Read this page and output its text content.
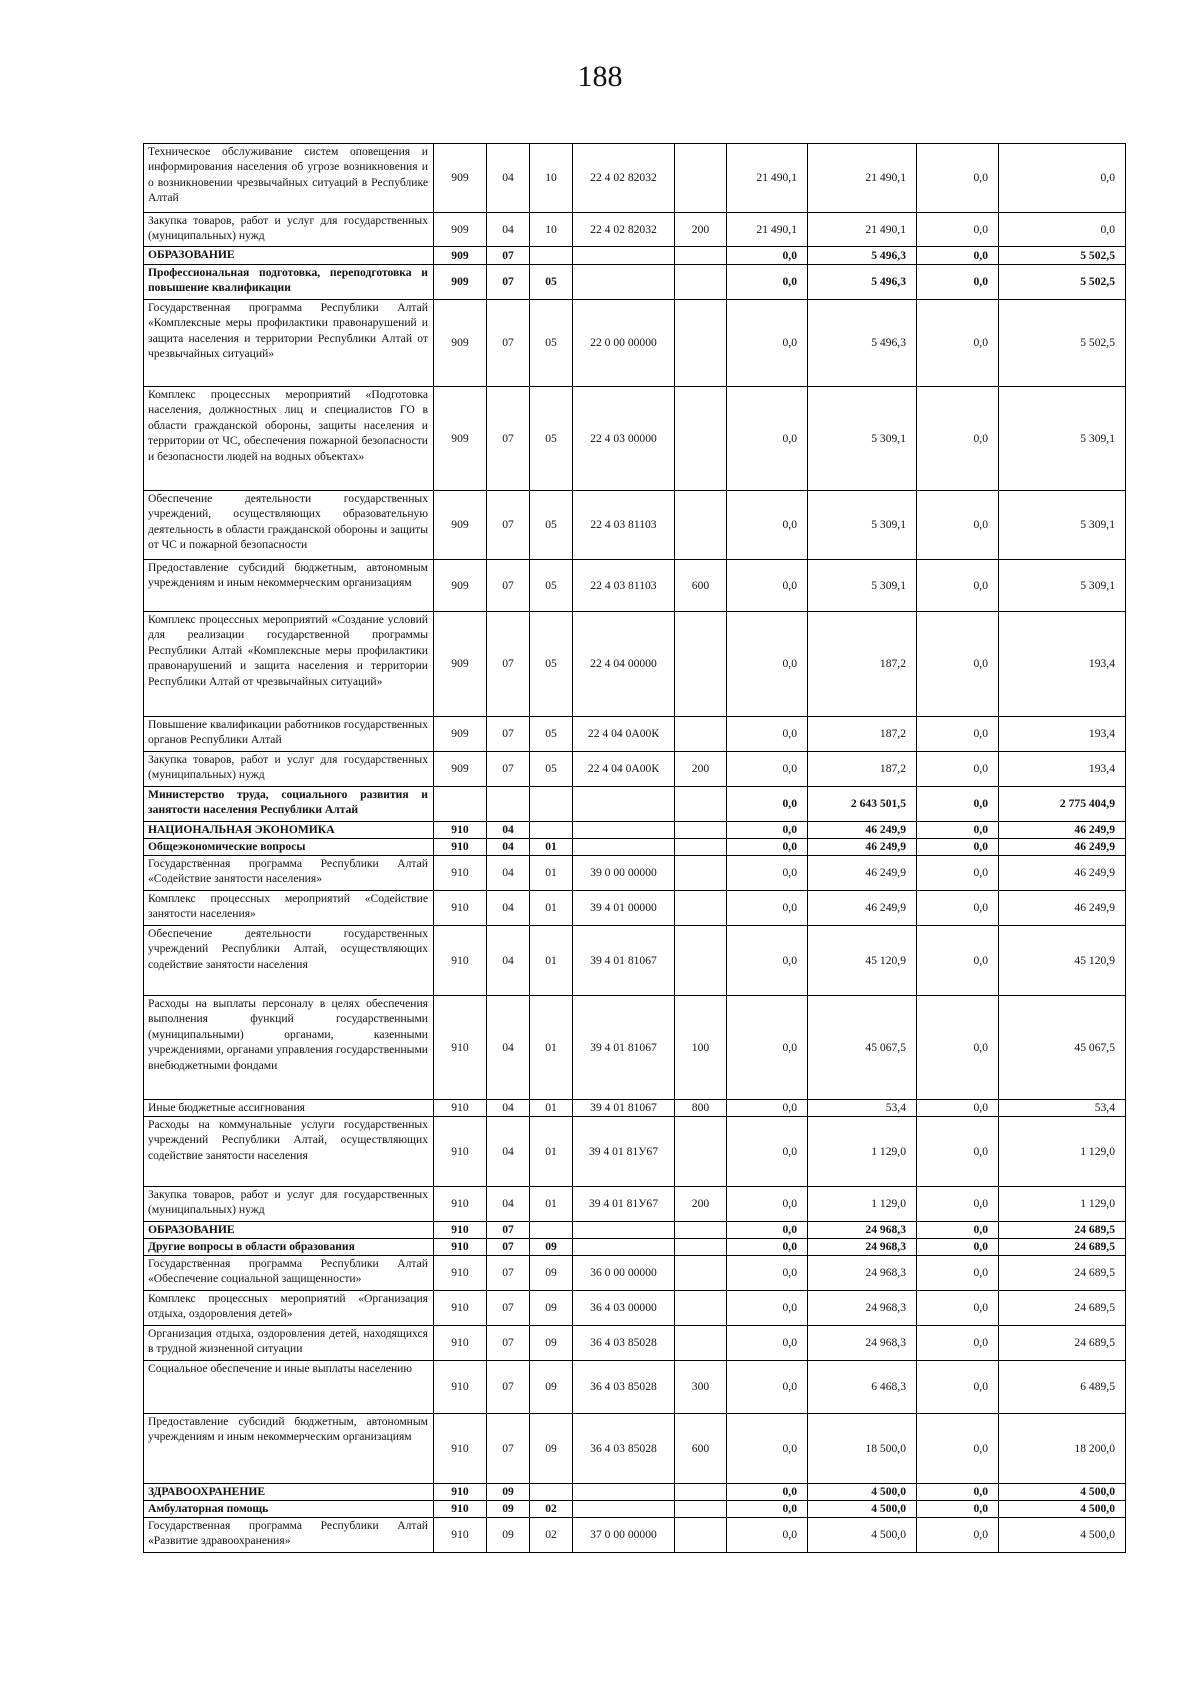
188
Техническое обслуживание систем оповещения и информирования населения об угрозе возникновения и о возникновении чрезвычайных ситуаций в Республике Алтай	909	04	10	22 4 02 82032		21 490,1	21 490,1	0,0	0,0
Закупка товаров, работ и услуг для государственных (муниципальных) нужд	909	04	10	22 4 02 82032	200	21 490,1	21 490,1	0,0	0,0
ОБРАЗОВАНИЕ	909	07				0,0	5 496,3	0,0	5 502,5
Профессиональная подготовка, переподготовка и повышение квалификации	909	07	05			0,0	5 496,3	0,0	5 502,5
Государственная программа Республики Алтай «Комплексные меры профилактики правонарушений и защита населения и территории Республики Алтай от чрезвычайных ситуаций»	909	07	05	22 0 00 00000		0,0	5 496,3	0,0	5 502,5
Комплекс процессных мероприятий «Подготовка населения, должностных лиц и специалистов ГО в области гражданской обороны, защиты населения и территории от ЧС, обеспечения пожарной безопасности и безопасности людей на водных объектах»	909	07	05	22 4 03 00000		0,0	5 309,1	0,0	5 309,1
Обеспечение деятельности государственных учреждений, осуществляющих образовательную деятельность в области гражданской обороны и защиты от ЧС и пожарной безопасности	909	07	05	22 4 03 81103		0,0	5 309,1	0,0	5 309,1
Предоставление субсидий бюджетным, автономным учреждениям и иным некоммерческим организациям	909	07	05	22 4 03 81103	600	0,0	5 309,1	0,0	5 309,1
Комплекс процессных мероприятий «Создание условий для реализации государственной программы Республики Алтай «Комплексные меры профилактики правонарушений и защита населения и территории Республики Алтай от чрезвычайных ситуаций»	909	07	05	22 4 04 00000		0,0	187,2	0,0	193,4
Повышение квалификации работников государственных органов Республики Алтай	909	07	05	22 4 04 0А00К		0,0	187,2	0,0	193,4
Закупка товаров, работ и услуг для государственных (муниципальных) нужд	909	07	05	22 4 04 0А00К	200	0,0	187,2	0,0	193,4
Министерство труда, социального развития и занятости населения Республики Алтай						0,0	2 643 501,5	0,0	2 775 404,9
НАЦИОНАЛЬНАЯ ЭКОНОМИКА	910	04				0,0	46 249,9	0,0	46 249,9
Общеэкономические вопросы	910	04	01			0,0	46 249,9	0,0	46 249,9
Государственная программа Республики Алтай «Содействие занятости населения»	910	04	01	39 0 00 00000		0,0	46 249,9	0,0	46 249,9
Комплекс процессных мероприятий «Содействие занятости населения»	910	04	01	39 4 01 00000		0,0	46 249,9	0,0	46 249,9
Обеспечение деятельности государственных учреждений Республики Алтай, осуществляющих содействие занятости населения	910	04	01	39 4 01 81067		0,0	45 120,9	0,0	45 120,9
Расходы на выплаты персоналу в целях обеспечения выполнения функций государственными (муниципальными) органами, казенными учреждениями, органами управления государственными внебюджетными фондами	910	04	01	39 4 01 81067	100	0,0	45 067,5	0,0	45 067,5
Иные бюджетные ассигнования	910	04	01	39 4 01 81067	800	0,0	53,4	0,0	53,4
Расходы на коммунальные услуги государственных учреждений Республики Алтай, осуществляющих содействие занятости населения	910	04	01	39 4 01 81У67		0,0	1 129,0	0,0	1 129,0
Закупка товаров, работ и услуг для государственных (муниципальных) нужд	910	04	01	39 4 01 81У67	200	0,0	1 129,0	0,0	1 129,0
ОБРАЗОВАНИЕ	910	07				0,0	24 968,3	0,0	24 689,5
Другие вопросы в области образования	910	07	09			0,0	24 968,3	0,0	24 689,5
Государственная программа Республики Алтай «Обеспечение социальной защищенности»	910	07	09	36 0 00 00000		0,0	24 968,3	0,0	24 689,5
Комплекс процессных мероприятий «Организация отдыха, оздоровления детей»	910	07	09	36 4 03 00000		0,0	24 968,3	0,0	24 689,5
Организация отдыха, оздоровления детей, находящихся в трудной жизненной ситуации	910	07	09	36 4 03 85028		0,0	24 968,3	0,0	24 689,5
Социальное обеспечение и иные выплаты населению	910	07	09	36 4 03 85028	300	0,0	6 468,3	0,0	6 489,5
Предоставление субсидий бюджетным, автономным учреждениям и иным некоммерческим организациям	910	07	09	36 4 03 85028	600	0,0	18 500,0	0,0	18 200,0
ЗДРАВООХРАНЕНИЕ	910	09				0,0	4 500,0	0,0	4 500,0
Амбулаторная помощь	910	09	02			0,0	4 500,0	0,0	4 500,0
Государственная программа Республики Алтай «Развитие здравоохранения»	910	09	02	37 0 00 00000		0,0	4 500,0	0,0	4 500,0
